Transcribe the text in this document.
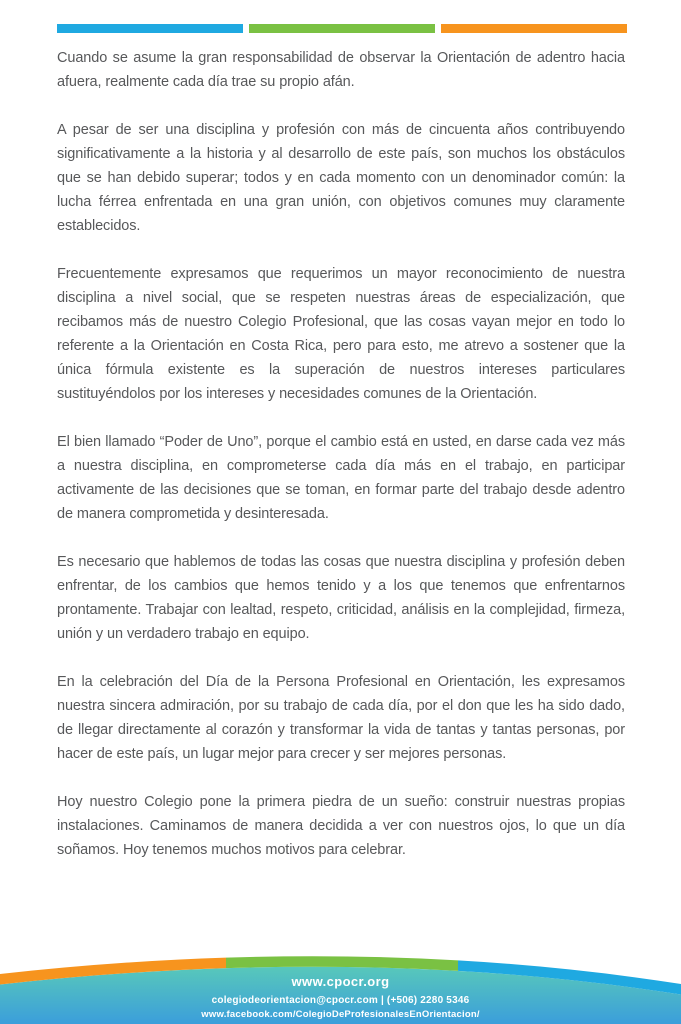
Cuando se asume la gran responsabilidad de observar la Orientación de adentro hacia afuera, realmente cada día trae su propio afán.

A pesar de ser una disciplina y profesión con más de cincuenta años contribuyendo significativamente a la historia y al desarrollo de este país, son muchos los obstáculos que se han debido superar; todos y en cada momento con un denominador común: la lucha férrea enfrentada en una gran unión, con objetivos comunes muy claramente establecidos.

Frecuentemente expresamos que requerimos un mayor reconocimiento de nuestra disciplina a nivel social, que se respeten nuestras áreas de especialización, que recibamos más de nuestro Colegio Profesional, que las cosas vayan mejor en todo lo referente a la Orientación en Costa Rica, pero para esto, me atrevo a sostener que la única fórmula existente es la superación de nuestros intereses particulares sustituyéndolos por los intereses y necesidades comunes de la Orientación.

El bien llamado “Poder de Uno”, porque el cambio está en usted, en darse cada vez más a nuestra disciplina, en comprometerse cada día más en el trabajo, en participar activamente de las decisiones que se toman, en formar parte del trabajo desde adentro de manera comprometida y desinteresada.

Es necesario que hablemos de todas las cosas que nuestra disciplina y profesión deben enfrentar, de los cambios que hemos tenido y a los que tenemos que enfrentarnos prontamente. Trabajar con lealtad, respeto, criticidad, análisis en la complejidad, firmeza, unión y un verdadero trabajo en equipo.

En la celebración del Día de la Persona Profesional en Orientación, les expresamos nuestra sincera admiración, por su trabajo de cada día, por el don que les ha sido dado, de llegar directamente al corazón y transformar la vida de tantas y tantas personas, por hacer de este país, un lugar mejor para crecer y ser mejores personas.

Hoy nuestro Colegio pone la primera piedra de un sueño: construir nuestras propias instalaciones. Caminamos de manera decidida a ver con nuestros ojos, lo que un día soñamos. Hoy tenemos muchos motivos para celebrar.

www.cpocr.org
colegiodeorientacion@cpocr.com | (+506) 2280 5346
www.facebook.com/ColegioDeProfesionalesEnOrientacion/
